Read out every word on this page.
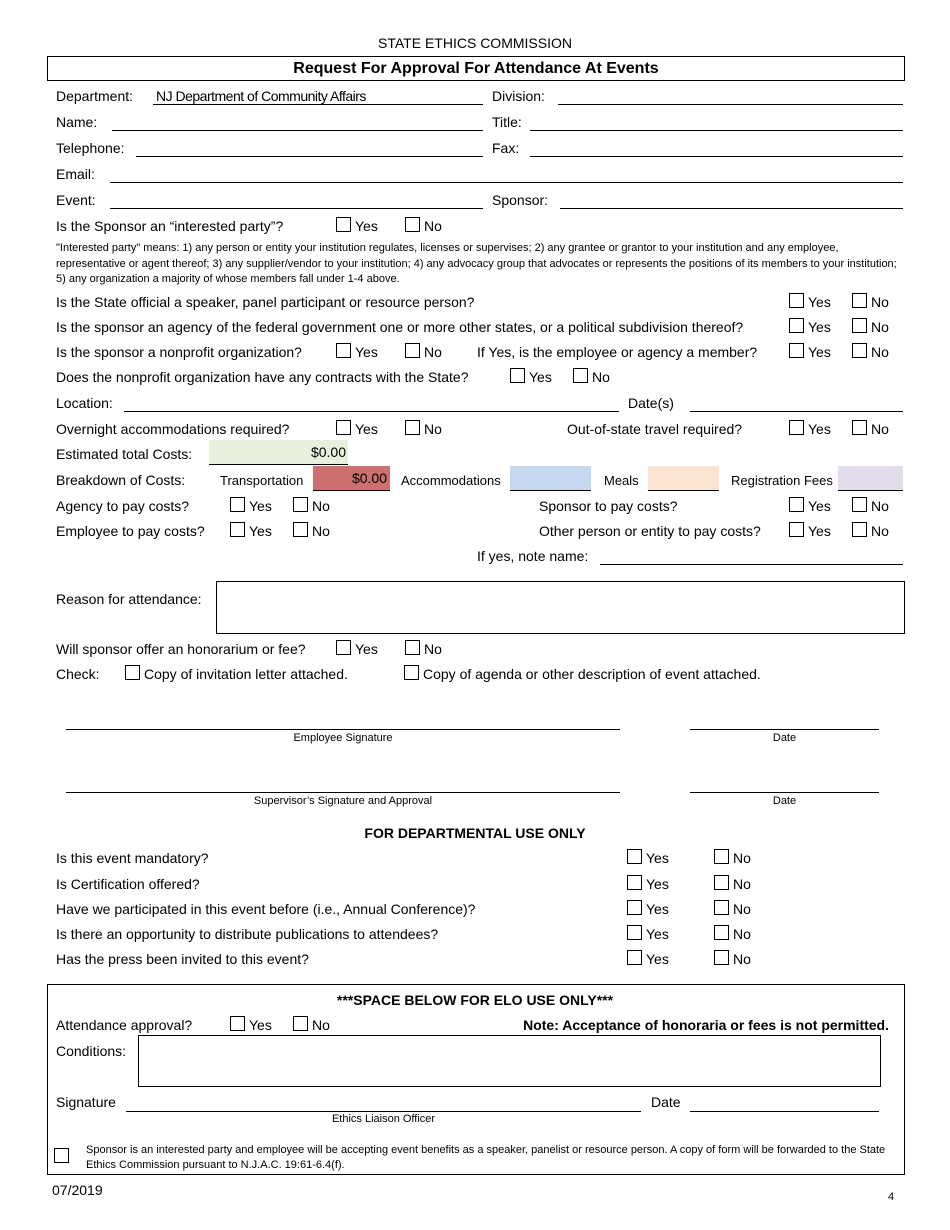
STATE ETHICS COMMISSION
Request For Approval For Attendance At Events
Department: NJ Department of Community Affairs	Division:
Name:	Title:
Telephone:	Fax:
Email:
Event:	Sponsor:
Is the Sponsor an “interested party”?	Yes	No
"Interested party" means: 1) any person or entity your institution regulates, licenses or supervises; 2) any grantee or grantor to your institution and any employee, representative or agent thereof; 3) any supplier/vendor to your institution; 4) any advocacy group that advocates or represents the positions of its members to your institution; 5) any organization a majority of whose members fall under 1-4 above.
Is the State official a speaker, panel participant or resource person?	Yes	No
Is the sponsor an agency of the federal government one or more other states, or a political subdivision thereof?	Yes	No
Is the sponsor a nonprofit organization?	Yes	No	If Yes, is the employee or agency a member?	Yes	No
Does the nonprofit organization have any contracts with the State?	Yes	No
Location:	Date(s)
Overnight accommodations required?	Yes	No	Out-of-state travel required?	Yes	No
Estimated total Costs:	$0.00
Breakdown of Costs:	Transportation	$0.00 Accommodations	Meals	Registration Fees
Agency to pay costs?	Yes	No	Sponsor to pay costs?	Yes	No
Employee to pay costs?	Yes	No	Other person or entity to pay costs?	Yes	No
If yes, note name:
Reason for attendance:
Will sponsor offer an honorarium or fee?	Yes	No
Check:	Copy of invitation letter attached.	Copy of agenda or other description of event attached.
Employee Signature	Date
Supervisor’s Signature and Approval	Date
FOR DEPARTMENTAL USE ONLY
Is this event mandatory?	Yes	No
Is Certification offered?	Yes	No
Have we participated in this event before (i.e., Annual Conference)?	Yes	No
Is there an opportunity to distribute publications to attendees?	Yes	No
Has the press been invited to this event?	Yes	No
***SPACE BELOW FOR ELO USE ONLY***
Attendance approval?	Yes	No	Note: Acceptance of honoraria or fees is not permitted.
Conditions:
Signature
Ethics Liaison Officer
Date
Sponsor is an interested party and employee will be accepting event benefits as a speaker, panelist or resource person. A copy of form will be forwarded to the State Ethics Commission pursuant to N.J.A.C. 19:61-6.4(f).
07/2019	4
